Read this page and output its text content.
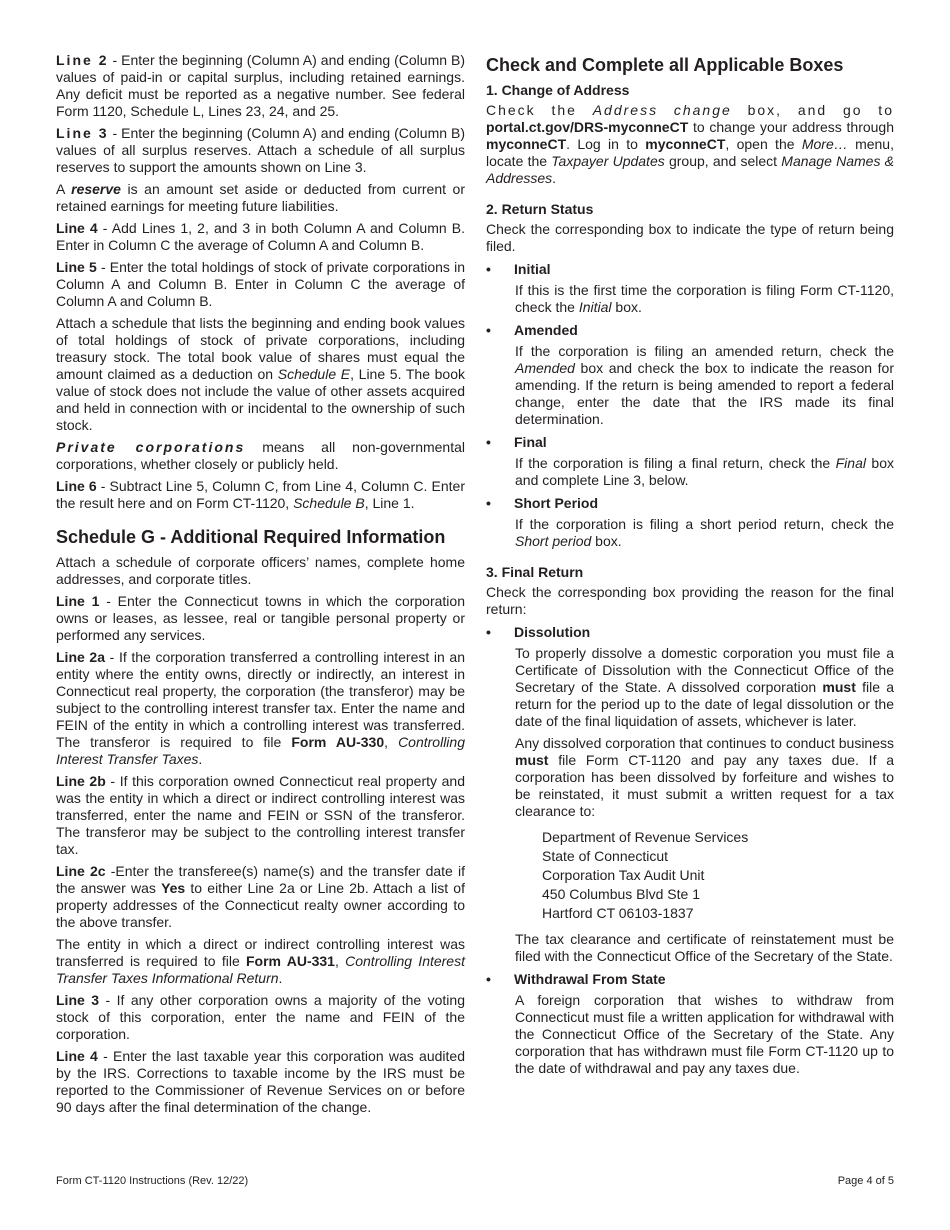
Line 2 - Enter the beginning (Column A) and ending (Column B) values of paid-in or capital surplus, including retained earnings. Any deficit must be reported as a negative number. See federal Form 1120, Schedule L, Lines 23, 24, and 25.

Line 3 - Enter the beginning (Column A) and ending (Column B) values of all surplus reserves. Attach a schedule of all surplus reserves to support the amounts shown on Line 3.

A reserve is an amount set aside or deducted from current or retained earnings for meeting future liabilities.

Line 4 - Add Lines 1, 2, and 3 in both Column A and Column B. Enter in Column C the average of Column A and Column B.

Line 5 - Enter the total holdings of stock of private corporations in Column A and Column B. Enter in Column C the average of Column A and Column B.

Attach a schedule that lists the beginning and ending book values of total holdings of stock of private corporations, including treasury stock. The total book value of shares must equal the amount claimed as a deduction on Schedule E, Line 5. The book value of stock does not include the value of other assets acquired and held in connection with or incidental to the ownership of such stock.

Private corporations means all non-governmental corporations, whether closely or publicly held.

Line 6 - Subtract Line 5, Column C, from Line 4, Column C. Enter the result here and on Form CT-1120, Schedule B, Line 1.

Schedule G - Additional Required Information

Attach a schedule of corporate officers’ names, complete home addresses, and corporate titles.

Line 1 - Enter the Connecticut towns in which the corporation owns or leases, as lessee, real or tangible personal property or performed any services.

Line 2a - If the corporation transferred a controlling interest in an entity where the entity owns, directly or indirectly, an interest in Connecticut real property, the corporation (the transferor) may be subject to the controlling interest transfer tax. Enter the name and FEIN of the entity in which a controlling interest was transferred. The transferor is required to file Form AU-330, Controlling Interest Transfer Taxes.

Line 2b - If this corporation owned Connecticut real property and was the entity in which a direct or indirect controlling interest was transferred, enter the name and FEIN or SSN of the transferor. The transferor may be subject to the controlling interest transfer tax.

Line 2c -Enter the transferee(s) name(s) and the transfer date if the answer was Yes to either Line 2a or Line 2b. Attach a list of property addresses of the Connecticut realty owner according to the above transfer.

The entity in which a direct or indirect controlling interest was transferred is required to file Form AU-331, Controlling Interest Transfer Taxes Informational Return.

Line 3 - If any other corporation owns a majority of the voting stock of this corporation, enter the name and FEIN of the corporation.

Line 4 - Enter the last taxable year this corporation was audited by the IRS. Corrections to taxable income by the IRS must be reported to the Commissioner of Revenue Services on or before 90 days after the final determination of the change.

Check and Complete all Applicable Boxes
1. Change of Address

Check the Address change box, and go to portal.ct.gov/DRS-myconneCT to change your address through myconneCT. Log in to myconneCT, open the More… menu, locate the Taxpayer Updates group, and select Manage Names & Addresses.

2. Return Status

Check the corresponding box to indicate the type of return being filed.

• Initial

If this is the first time the corporation is filing Form CT-1120, check the Initial box.

• Amended

If the corporation is filing an amended return, check the Amended box and check the box to indicate the reason for amending. If the return is being amended to report a federal change, enter the date that the IRS made its final determination.

• Final

If the corporation is filing a final return, check the Final box and complete Line 3, below.

• Short Period

If the corporation is filing a short period return, check the Short period box.

3. Final Return

Check the corresponding box providing the reason for the final return:

• Dissolution

To properly dissolve a domestic corporation you must file a Certificate of Dissolution with the Connecticut Office of the Secretary of the State. A dissolved corporation must file a return for the period up to the date of legal dissolution or the date of the final liquidation of assets, whichever is later.

Any dissolved corporation that continues to conduct business must file Form CT-1120 and pay any taxes due. If a corporation has been dissolved by forfeiture and wishes to be reinstated, it must submit a written request for a tax clearance to:

Department of Revenue Services
State of Connecticut
Corporation Tax Audit Unit
450 Columbus Blvd Ste 1
Hartford CT 06103-1837

The tax clearance and certificate of reinstatement must be filed with the Connecticut Office of the Secretary of the State.

• Withdrawal From State

A foreign corporation that wishes to withdraw from Connecticut must file a written application for withdrawal with the Connecticut Office of the Secretary of the State. Any corporation that has withdrawn must file Form CT-1120 up to the date of withdrawal and pay any taxes due.

Form CT-1120 Instructions (Rev. 12/22)	Page 4 of 5
